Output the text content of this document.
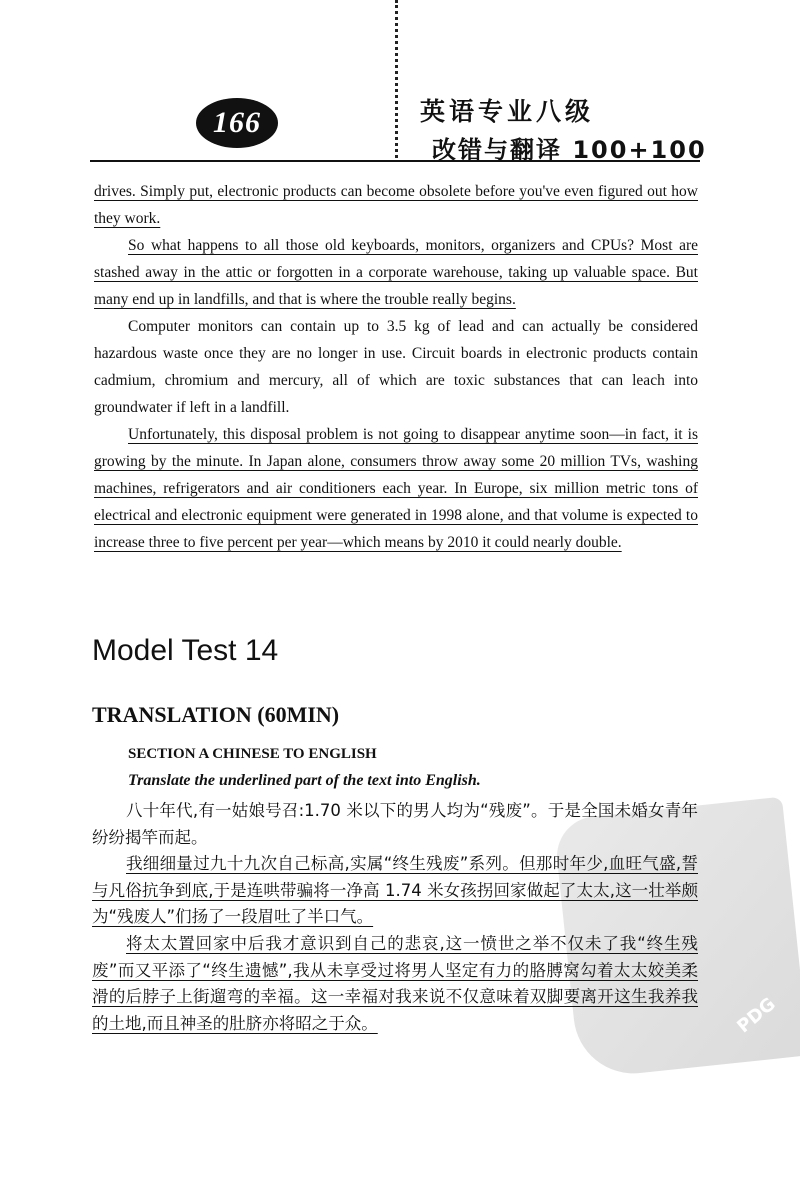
166	英语专业八级
改错与翻译 100+100
drives. Simply put, electronic products can become obsolete before you've even figured out how they work.
So what happens to all those old keyboards, monitors, organizers and CPUs? Most are stashed away in the attic or forgotten in a corporate warehouse, taking up valuable space. But many end up in landfills, and that is where the trouble really begins.
Computer monitors can contain up to 3.5 kg of lead and can actually be considered hazardous waste once they are no longer in use. Circuit boards in electronic products contain cadmium, chromium and mercury, all of which are toxic substances that can leach into groundwater if left in a landfill.
Unfortunately, this disposal problem is not going to disappear anytime soon—in fact, it is growing by the minute. In Japan alone, consumers throw away some 20 million TVs, washing machines, refrigerators and air conditioners each year. In Europe, six million metric tons of electrical and electronic equipment were generated in 1998 alone, and that volume is expected to increase three to five percent per year—which means by 2010 it could nearly double.
Model Test 14
TRANSLATION (60MIN)
SECTION A CHINESE TO ENGLISH
Translate the underlined part of the text into English.
PDG
八十年代,有一姑娘号召:1.70 米以下的男人均为“残废”。于是全国未婚女青年纷纷揭竿而起。
我细细量过九十九次自己标高,实属“终生残废”系列。但那时年少,血旺气盛,誓与凡俗抗争到底,于是连哄带骗将一净高 1.74 米女孩拐回家做起了太太,这一壮举颇为“残废人”们扬了一段眉吐了半口气。
将太太置回家中后我才意识到自己的悲哀,这一愤世之举不仅未了我“终生残废”而又平添了“终生遗憾”,我从未享受过将男人坚定有力的胳膊窝勾着太太姣美柔滑的后脖子上街遛弯的幸福。这一幸福对我来说不仅意味着双脚要离开这生我养我的土地,而且神圣的肚脐亦将昭之于众。
